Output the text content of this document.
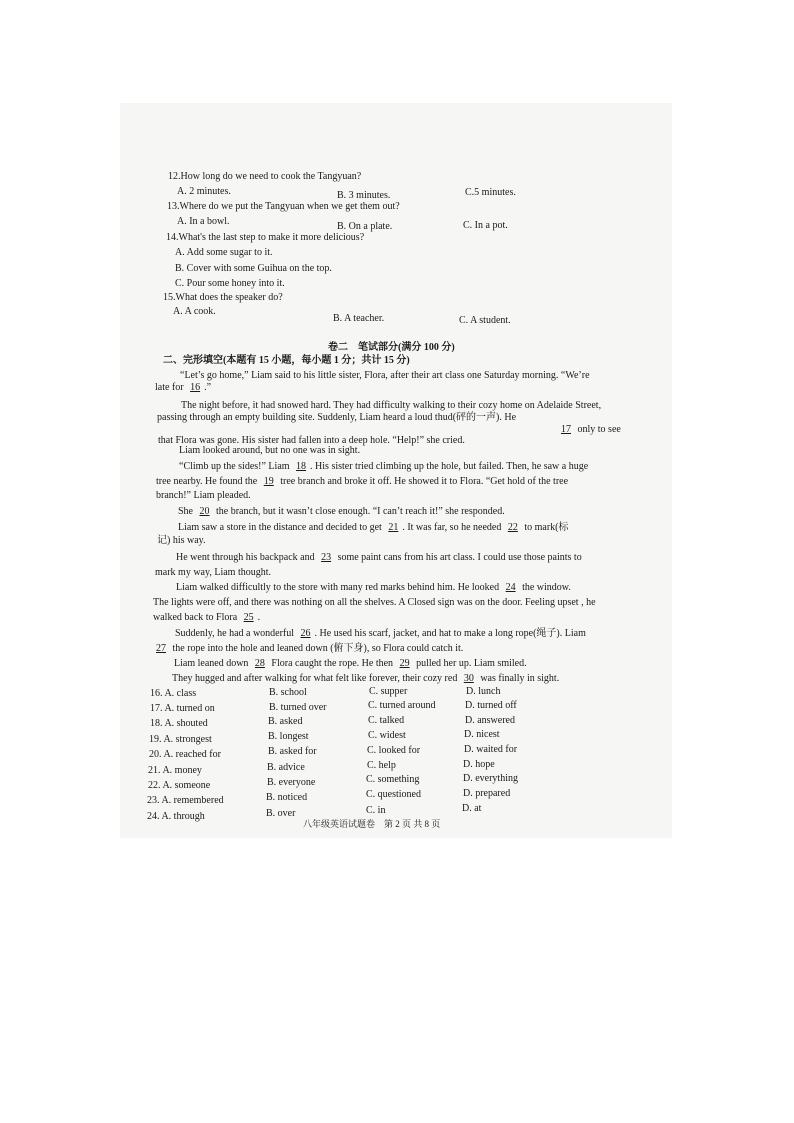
12.How long do we need to cook the Tangyuan?
A. 2 minutes.	B. 3 minutes.	C.5 minutes.
13.Where do we put the Tangyuan when we get them out?
A. In a bowl.	B. On a plate.	C. In a pot.
14.What's the last step to make it more delicious?
A. Add some sugar to it.
B. Cover with some Guihua on the top.
C. Pour some honey into it.
15.What does the speaker do?
A. A cook.
B. A teacher.	C. A student.
卷二　笔试部分(满分 100 分)
二、完形填空(本题有 15 小题，每小题 1 分；共计 15 分)
“Let’s go home,” Liam said to his little sister, Flora, after their art class one Saturday morning. “We’re
late for 16 .”
The night before, it had snowed hard. They had difficulty walking to their cozy home on Adelaide Street,
passing through an empty building site. Suddenly, Liam heard a loud thud(砰的一声). He
17 only to see
that Flora was gone. His sister had fallen into a deep hole. “Help!” she cried.
Liam looked around, but no one was in sight.
“Climb up the sides!” Liam 18 . His sister tried climbing up the hole, but failed. Then, he saw a huge
tree nearby. He found the 19 tree branch and broke it off. He showed it to Flora. “Get hold of the tree
branch!” Liam pleaded.
She 20 the branch, but it wasn’t close enough. “I can’t reach it!” she responded.
Liam saw a store in the distance and decided to get 21 . It was far, so he needed 22 to mark(标
记) his way.
He went through his backpack and 23 some paint cans from his art class. I could use those paints to
mark my way, Liam thought.
Liam walked difficultly to the store with many red marks behind him. He looked 24 the window.
The lights were off, and there was nothing on all the shelves. A Closed sign was on the door. Feeling upset , he
walked back to Flora 25 .
Suddenly, he had a wonderful 26 . He used his scarf, jacket, and hat to make a long rope(绳子). Liam
27 the rope into the hole and leaned down (俯下身), so Flora could catch it.
Liam leaned down 28 Flora caught the rope. He then 29 pulled her up. Liam smiled.
They hugged and after walking for what felt like forever, their cozy red 30 was finally in sight.
16. A. class	B. school	C. supper	D. lunch
17. A. turned on	B. turned over	C. turned around	D. turned off
18. A. shouted	B. asked	C. talked	D. answered
19. A. strongest	B. longest	C. widest	D. nicest
20. A. reached for	B. asked for	C. looked for	D. waited for
21. A. money	B. advice	C. help	D. hope
22. A. someone	B. everyone	C. something	D. everything
23. A. remembered	B. noticed	C. questioned	D. prepared
24. A. through	B. over	C. in	D. at
八年级英语试题卷　第 2 页 共 8 页
